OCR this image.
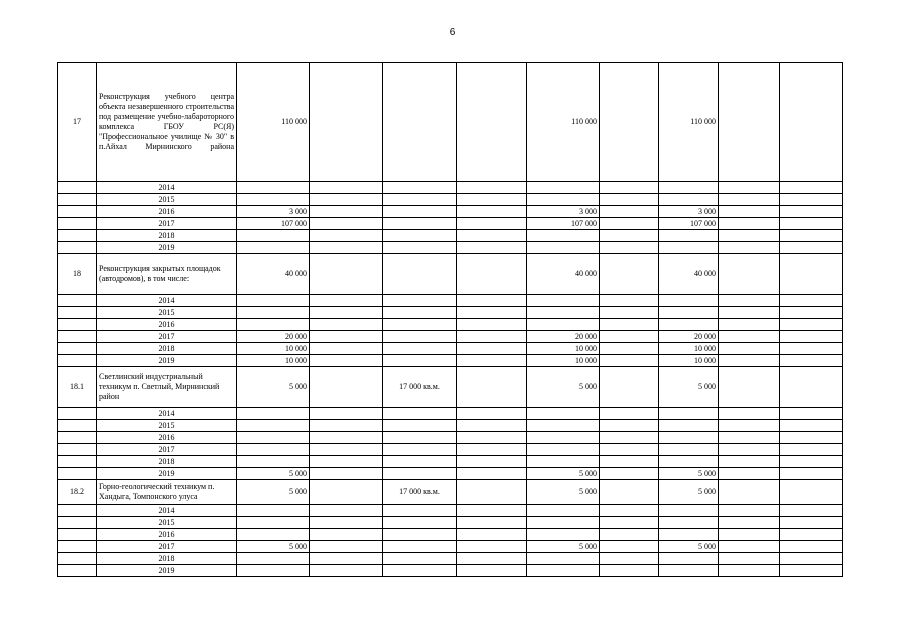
6
17	Реконструкция учебного центра объекта незавершенного строительства под размещение учебно-лабароторного комплекса ГБОУ РС(Я) "Профессиональное училище № 30" в п.Айхал Мирнинского района	110 000				110 000		110 000		
	2014									
	2015									
	2016	3 000				3 000		3 000		
	2017	107 000				107 000		107 000		
	2018									
	2019									
18	Реконструкция закрытых площадок (автодромов), в том числе:	40 000				40 000		40 000		
	2014									
	2015									
	2016									
	2017	20 000				20 000		20 000		
	2018	10 000				10 000		10 000		
	2019	10 000				10 000		10 000		
18.1	Светлинский индустриальный техникум п. Светлый, Мирнинский район	5 000		17 000 кв.м.		5 000		5 000		
	2014									
	2015									
	2016									
	2017									
	2018									
	2019	5 000				5 000		5 000		
18.2	Горно-геологический техникум п. Хандыга, Томпонского улуса	5 000		17 000 кв.м.		5 000		5 000		
	2014									
	2015									
	2016									
	2017	5 000				5 000		5 000		
	2018									
	2019									
